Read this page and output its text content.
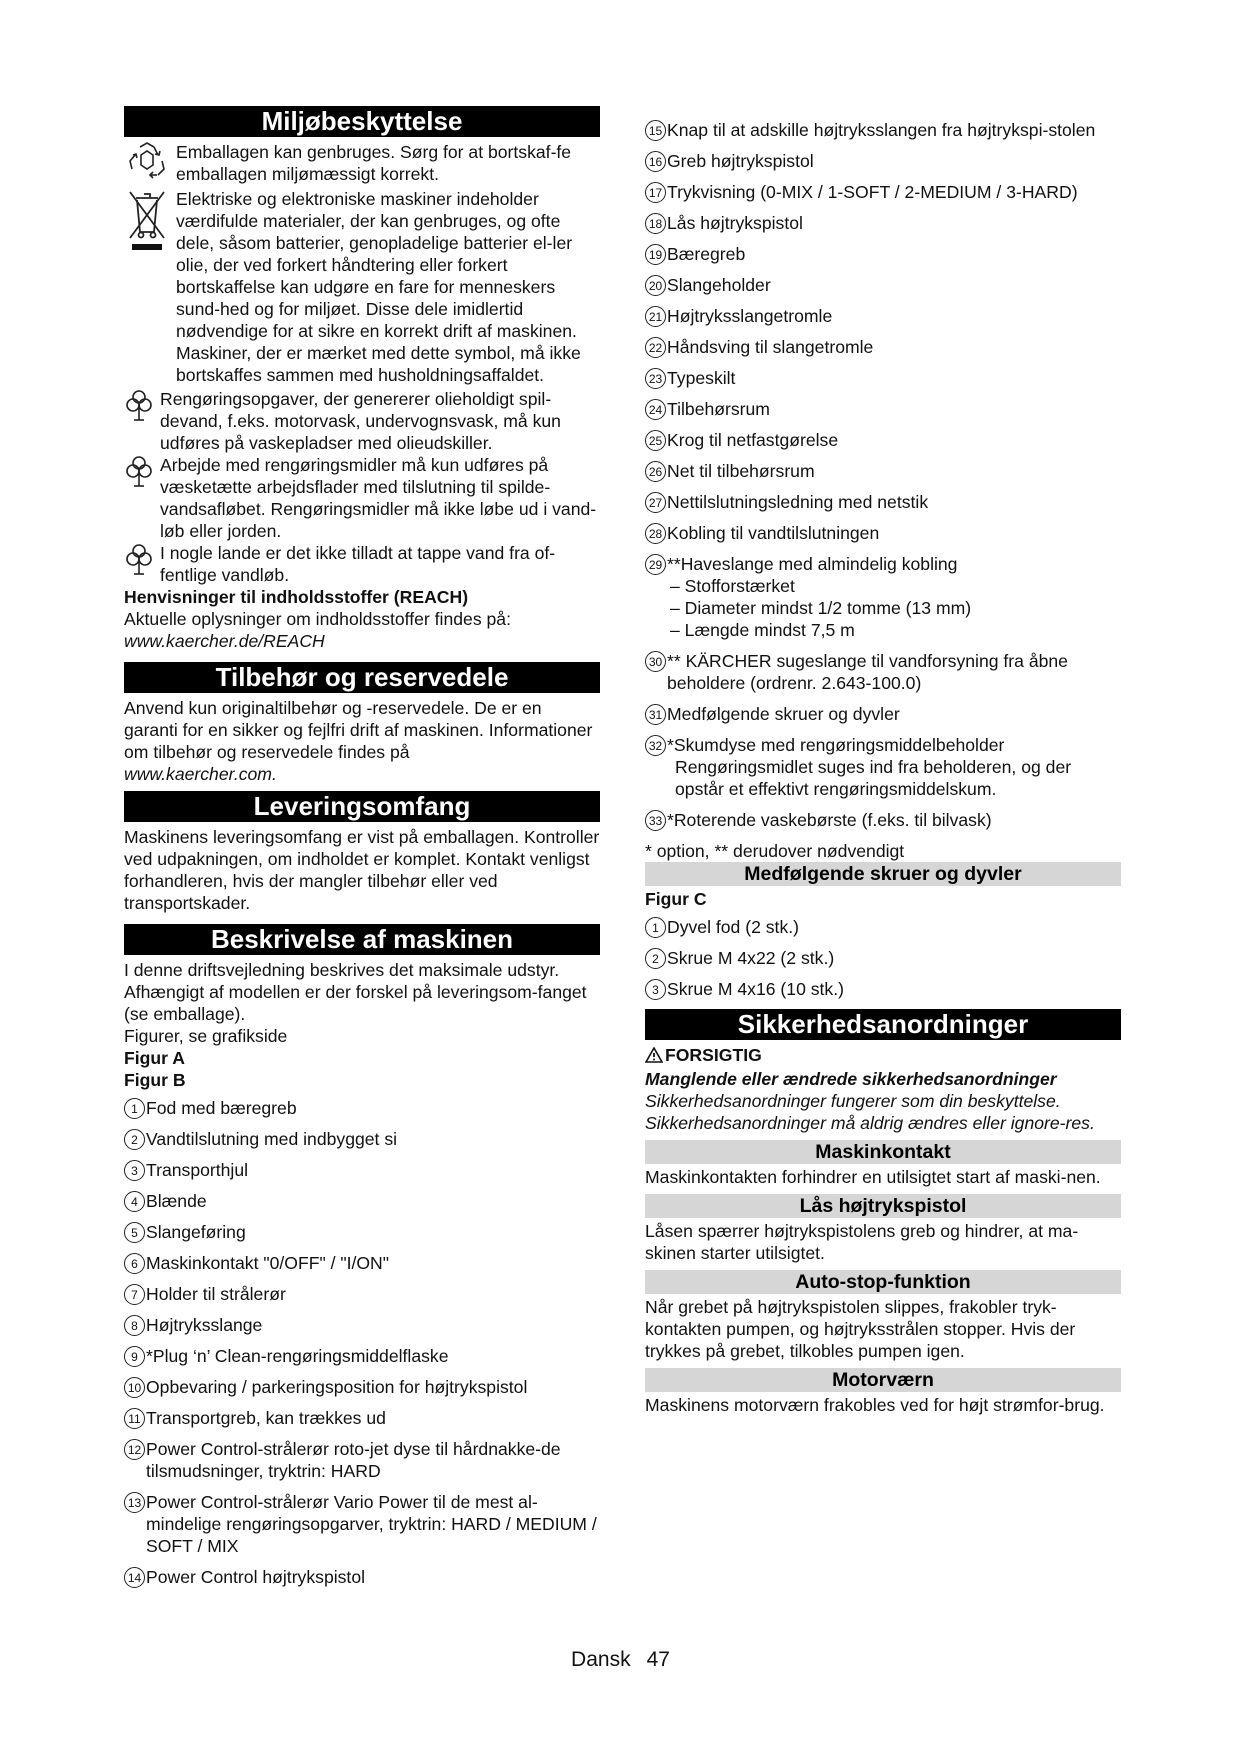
Miljøbeskyttelse

Emballagen kan genbruges. Sørg for at bortskaf-fe emballagen miljømæssigt korrekt.

Elektriske og elektroniske maskiner indeholder værdifulde materialer, der kan genbruges, og ofte dele, såsom batterier, genopladelige batterier el-ler olie, der ved forkert håndtering eller forkert bortskaffelse kan udgøre en fare for menneskers sund-hed og for miljøet. Disse dele imidlertid nødvendige for at sikre en korrekt drift af maskinen. Maskiner, der er mærket med dette symbol, må ikke bortskaffes sammen med husholdningsaffaldet.

Rengøringsopgaver, der genererer olieholdigt spil-devand, f.eks. motorvask, undervognsvask, må kun udføres på vaskepladser med olieudskiller.

Arbejde med rengøringsmidler må kun udføres på væsketætte arbejdsflader med tilslutning til spilde-vandsafløbet. Rengøringsmidler må ikke løbe ud i vand-løb eller jorden.

I nogle lande er det ikke tilladt at tappe vand fra of-fentlige vandløb.

Henvisninger til indholdsstoffer (REACH)

Aktuelle oplysninger om indholdsstoffer findes på:

www.kaercher.de/REACH

Tilbehør og reservedele

Anvend kun originaltilbehør og -reservedele. De er en garanti for en sikker og fejlfri drift af maskinen. Informationer om tilbehør og reservedele findes på

www.kaercher.com.

Leveringsomfang

Maskinens leveringsomfang er vist på emballagen. Kontroller ved udpakningen, om indholdet er komplet. Kontakt venligst forhandleren, hvis der mangler tilbehør eller ved transportskader.

Beskrivelse af maskinen

I denne driftsvejledning beskrives det maksimale udstyr. Afhængigt af modellen er der forskel på leveringsom-fanget (se emballage).

Figurer, se grafikside

Figur A

Figur B

1 Fod med bæregreb
2 Vandtilslutning med indbygget si
3 Transporthjul
4 Blænde
5 Slangeføring
6 Maskinkontakt "0/OFF" / "I/ON"
7 Holder til strålerør
8 Højtryksslange
9 *Plug ‘n’ Clean-rengøringsmiddelflaske
10 Opbevaring / parkeringsposition for højtrykspistol
11 Transportgreb, kan trækkes ud
12 Power Control-strålerør roto-jet dyse til hårdnakke-de tilsmudsninger, tryktrin: HARD
13 Power Control-strålerør Vario Power til de mest al-mindelige rengøringsopgarver, tryktrin: HARD / MEDIUM / SOFT / MIX
14 Power Control højtrykspistol
15 Knap til at adskille højtryksslangen fra højtrykspi-stolen
16 Greb højtrykspistol
17 Trykvisning (0-MIX / 1-SOFT / 2-MEDIUM / 3-HARD)
18 Lås højtrykspistol
19 Bæregreb
20 Slangeholder
21 Højtryksslangetromle
22 Håndsving til slangetromle
23 Typeskilt
24 Tilbehørsrum
25 Krog til netfastgørelse
26 Net til tilbehørsrum
27 Nettilslutningsledning med netstik
28 Kobling til vandtilslutningen
29 **Haveslange med almindelig kobling
– Stofforstærket
– Diameter mindst 1/2 tomme (13 mm)
– Længde mindst 7,5 m
30 ** KÄRCHER sugeslange til vandforsyning fra åbne beholdere (ordrenr. 2.643-100.0)
31 Medfølgende skruer og dyvler
32 *Skumdyse med rengøringsmiddelbeholder
Rengøringsmidlet suges ind fra beholderen, og der opstår et effektivt rengøringsmiddelskum.
33 *Roterende vaskebørste (f.eks. til bilvask)

* option, ** derudover nødvendigt

Medfølgende skruer og dyvler

Figur C

1 Dyvel fod (2 stk.)
2 Skrue M 4x22 (2 stk.)
3 Skrue M 4x16 (10 stk.)
Sikkerhedsanordninger

FORSIGTIG

Manglende eller ændrede sikkerhedsanordninger

Sikkerhedsanordninger fungerer som din beskyttelse. Sikkerhedsanordninger må aldrig ændres eller ignore-res.

Maskinkontakt

Maskinkontakten forhindrer en utilsigtet start af maski-nen.

Lås højtrykspistol

Låsen spærrer højtrykspistolens greb og hindrer, at ma-skinen starter utilsigtet.

Auto-stop-funktion

Når grebet på højtrykspistolen slippes, frakobler tryk-kontakten pumpen, og højtryksstrålen stopper. Hvis der trykkes på grebet, tilkobles pumpen igen.

Motorværn

Maskinens motorværn frakobles ved for højt strømfor-brug.

Dansk 47
